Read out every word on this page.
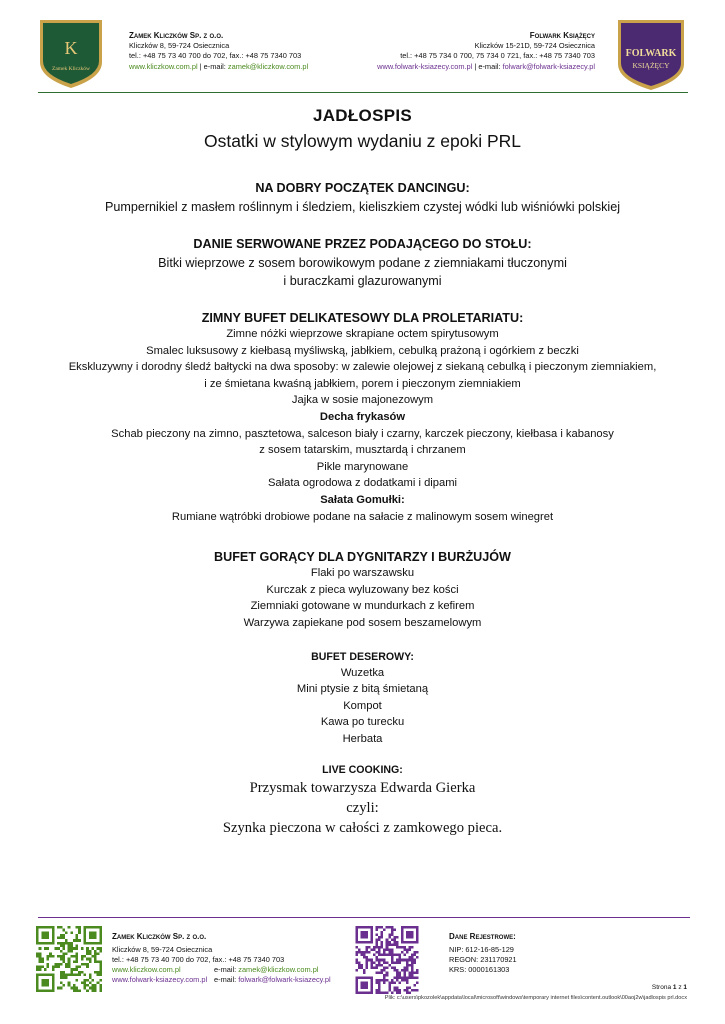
K
Zamek Kliczków
Zamek Kliczków Sp. z o.o.
Kliczków 8, 59-724 Osiecznica
tel.: +48 75 73 40 700 do 702, fax.: +48 75 7340 703
www.kliczkow.com.pl | e-mail: zamek@kliczkow.com.pl
Folwark Książęcy
Kliczków 15-21D, 59-724 Osiecznica
tel.: +48 75 734 0 700, 75 734 0 721, fax.: +48 75 7340 703
www.folwark-ksiazecy.com.pl | e-mail: folwark@folwark-ksiazecy.pl
FOLWARK
KSIĄŻĘCY

JADŁOSPIS

Ostatki w stylowym wydaniu z epoki PRL

NA DOBRY POCZĄTEK DANCINGU:

Pumpernikiel z masłem roślinnym i śledziem, kieliszkiem czystej wódki lub wiśniówki polskiej

DANIE SERWOWANE PRZEZ PODAJĄCEGO DO STOŁU:

Bitki wieprzowe z sosem borowikowym podane z ziemniakami tłuczonymi

i buraczkami glazurowanymi

ZIMNY BUFET DELIKATESOWY DLA PROLETARIATU:

Zimne nóżki wieprzowe skrapiane octem spirytusowym

Smalec luksusowy z kiełbasą myśliwską, jabłkiem, cebulką prażoną i ogórkiem z beczki

Ekskluzywny i dorodny śledź bałtycki na dwa sposoby: w zalewie olejowej z siekaną cebulką i pieczonym ziemniakiem,

i ze śmietana kwaśną jabłkiem, porem i pieczonym ziemniakiem

Jajka w sosie majonezowym

Decha frykasów

Schab pieczony na zimno, pasztetowa, salceson biały i czarny, karczek pieczony, kiełbasa i kabanosy

z sosem tatarskim, musztardą i chrzanem

Pikle marynowane

Sałata ogrodowa z dodatkami i dipami

Sałata Gomułki:

Rumiane wątróbki drobiowe podane na sałacie z malinowym sosem winegret

BUFET GORĄCY DLA DYGNITARZY I BURŻUJÓW

Flaki po warszawsku

Kurczak z pieca wyluzowany bez kości

Ziemniaki gotowane w mundurkach z kefirem

Warzywa zapiekane pod sosem beszamelowym

BUFET DESEROWY:

Wuzetka

Mini ptysie z bitą śmietaną

Kompot

Kawa po turecku

Herbata

LIVE COOKING:

Przysmak towarzysza Edwarda Gierka

czyli:

Szynka pieczona w całości z zamkowego pieca.

Zamek Kliczków Sp. z o.o.
Kliczków 8, 59-724 Osiecznica
tel.: +48 75 73 40 700 do 702, fax.: +48 75 7340 703
www.kliczkow.com.pl	e-mail: zamek@kliczkow.com.pl
www.folwark-ksiazecy.com.pl e-mail: folwark@folwark-ksiazecy.pl
Dane Rejestrowe:
NIP: 612-16-85-129
REGON: 231170921
KRS: 0000161303
Strona 1 z 1
Plik: c:\users\pkozolek\appdata\local\microsoft\windows\temporary internet files\content.outlook\00aoj2w\jadlospis prl.docx
